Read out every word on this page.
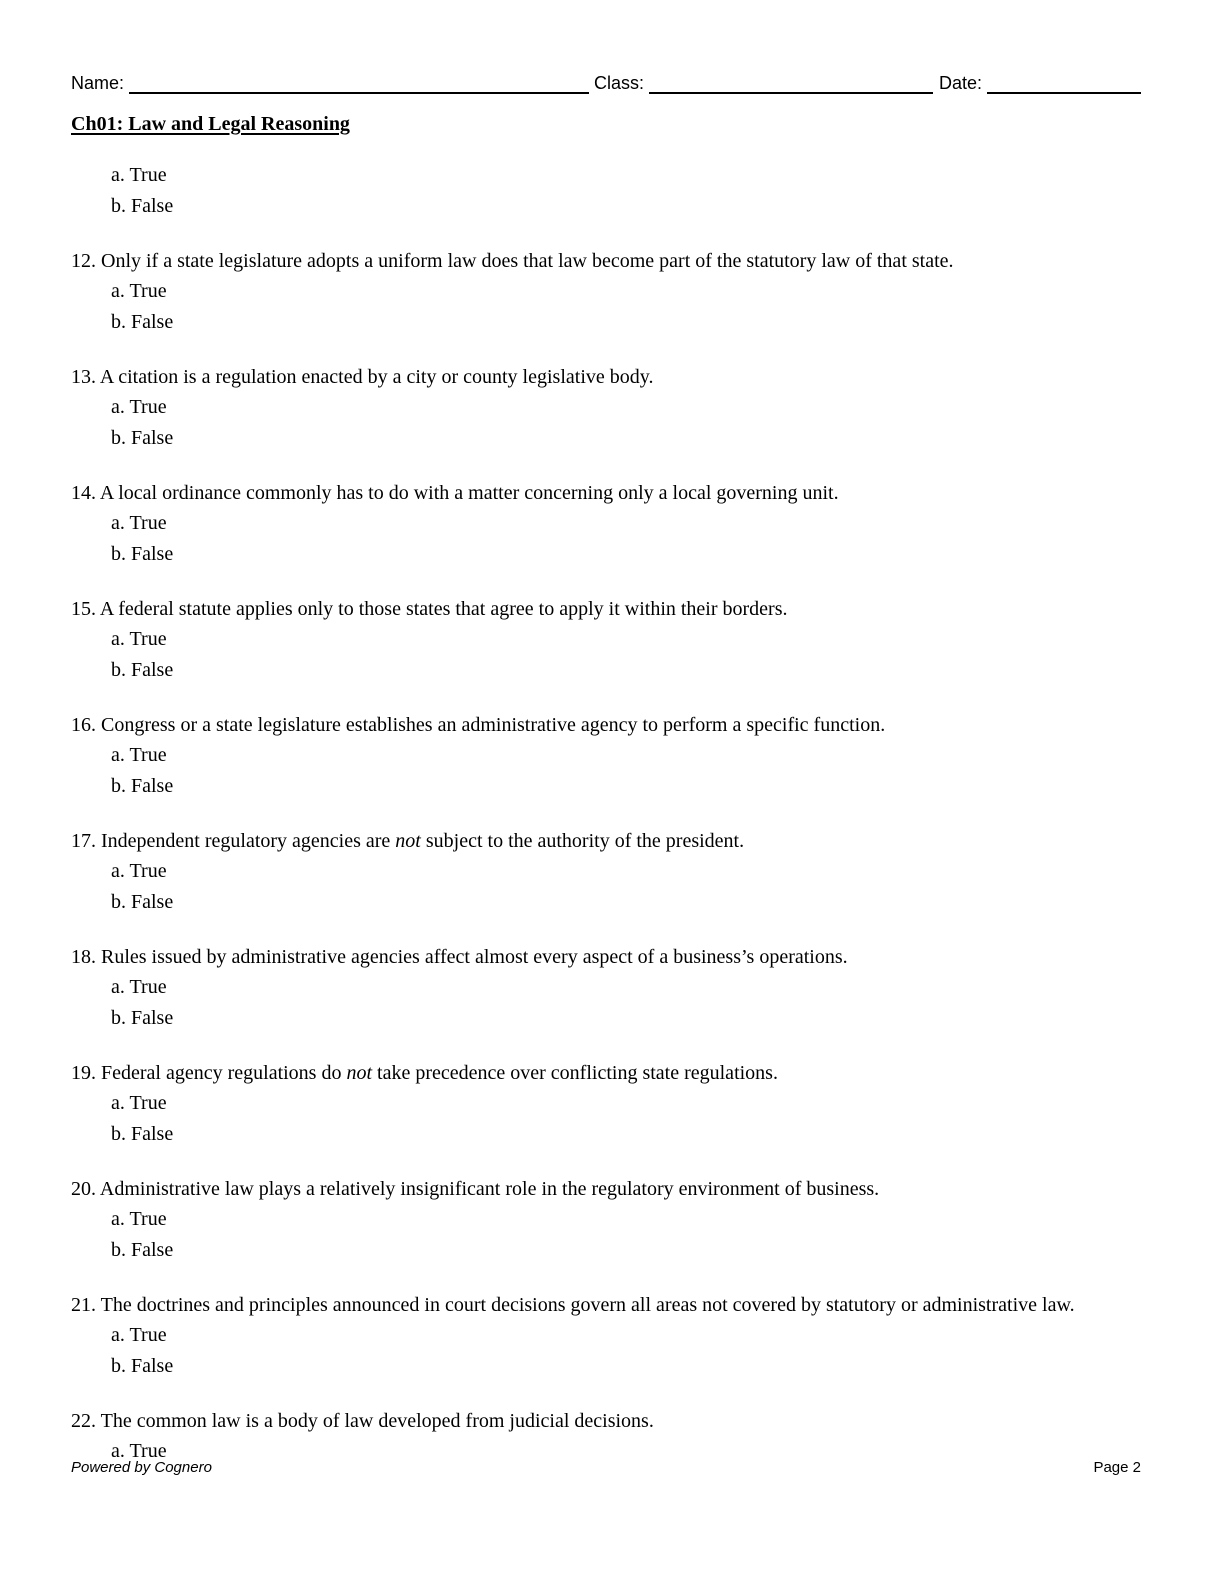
Name:	Class:	Date:
Ch01: Law and Legal Reasoning
a. True
b. False
12. Only if a state legislature adopts a uniform law does that law become part of the statutory law of that state.
a. True
b. False
13. A citation is a regulation enacted by a city or county legislative body.
a. True
b. False
14. A local ordinance commonly has to do with a matter concerning only a local governing unit.
a. True
b. False
15. A federal statute applies only to those states that agree to apply it within their borders.
a. True
b. False
16. Congress or a state legislature establishes an administrative agency to perform a specific function.
a. True
b. False
17. Independent regulatory agencies are not subject to the authority of the president.
a. True
b. False
18. Rules issued by administrative agencies affect almost every aspect of a business’s operations.
a. True
b. False
19. Federal agency regulations do not take precedence over conflicting state regulations.
a. True
b. False
20. Administrative law plays a relatively insignificant role in the regulatory environment of business.
a. True
b. False
21. The doctrines and principles announced in court decisions govern all areas not covered by statutory or administrative law.
a. True
b. False
22. The common law is a body of law developed from judicial decisions.
a. True
Powered by Cognero	Page 2
